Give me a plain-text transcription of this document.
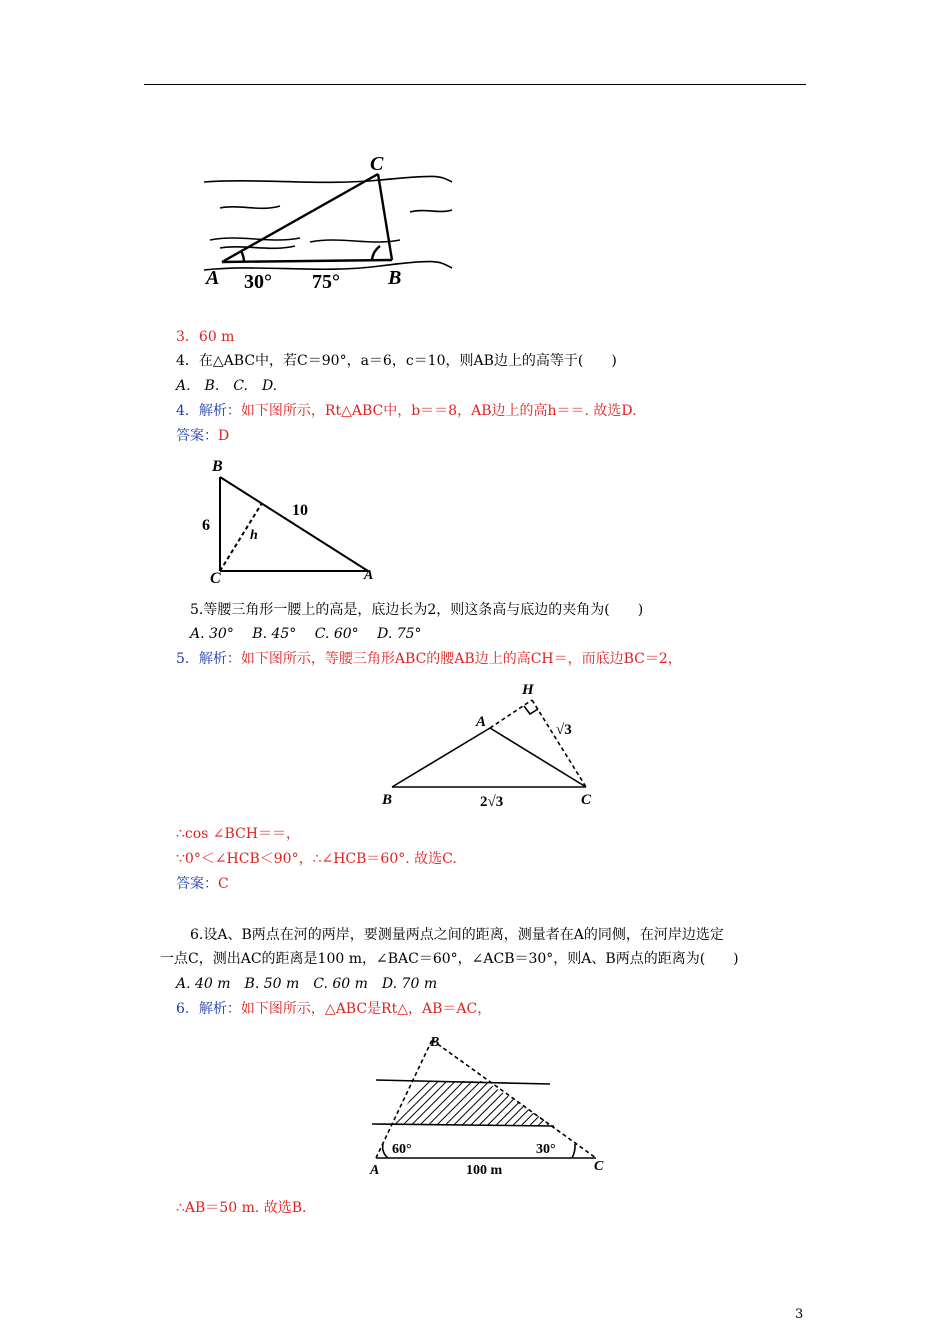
C
A	B
30° 75°
3．60 m
4．在△ABC中，若C＝90°，a＝6，c＝10，则AB边上的高等于(　　)
A.　B.　C.　D.
4．解析：如下图所示，Rt△ABC中，b＝＝8，AB边上的高h＝＝. 故选D.
答案：D
B
C	A
6
10
h
5.等腰三角形一腰上的高是，底边长为2，则这条高与底边的夹角为(　　)
A. 30°　 B. 45°　 C. 60°　 D. 75°
5．解析：如下图所示，等腰三角形ABC的腰AB边上的高CH＝，而底边BC＝2，
H
A
B	C
√3
2√3
∴cos ∠BCH＝＝，
∵0°＜∠HCB＜90°，∴∠HCB＝60°. 故选C.
答案：C
6.设A、B两点在河的两岸，要测量两点之间的距离，测量者在A的同侧，在河岸边选定
一点C，测出AC的距离是100 m，∠BAC＝60°，∠ACB＝30°，则A、B两点的距离为(　　)
A. 40 m　B. 50 m　C. 60 m　D. 70 m
6．解析：如下图所示，△ABC是Rt△，AB＝AC，
B
A	C
60°	30°
100 m
∴AB＝50 m. 故选B.
3
